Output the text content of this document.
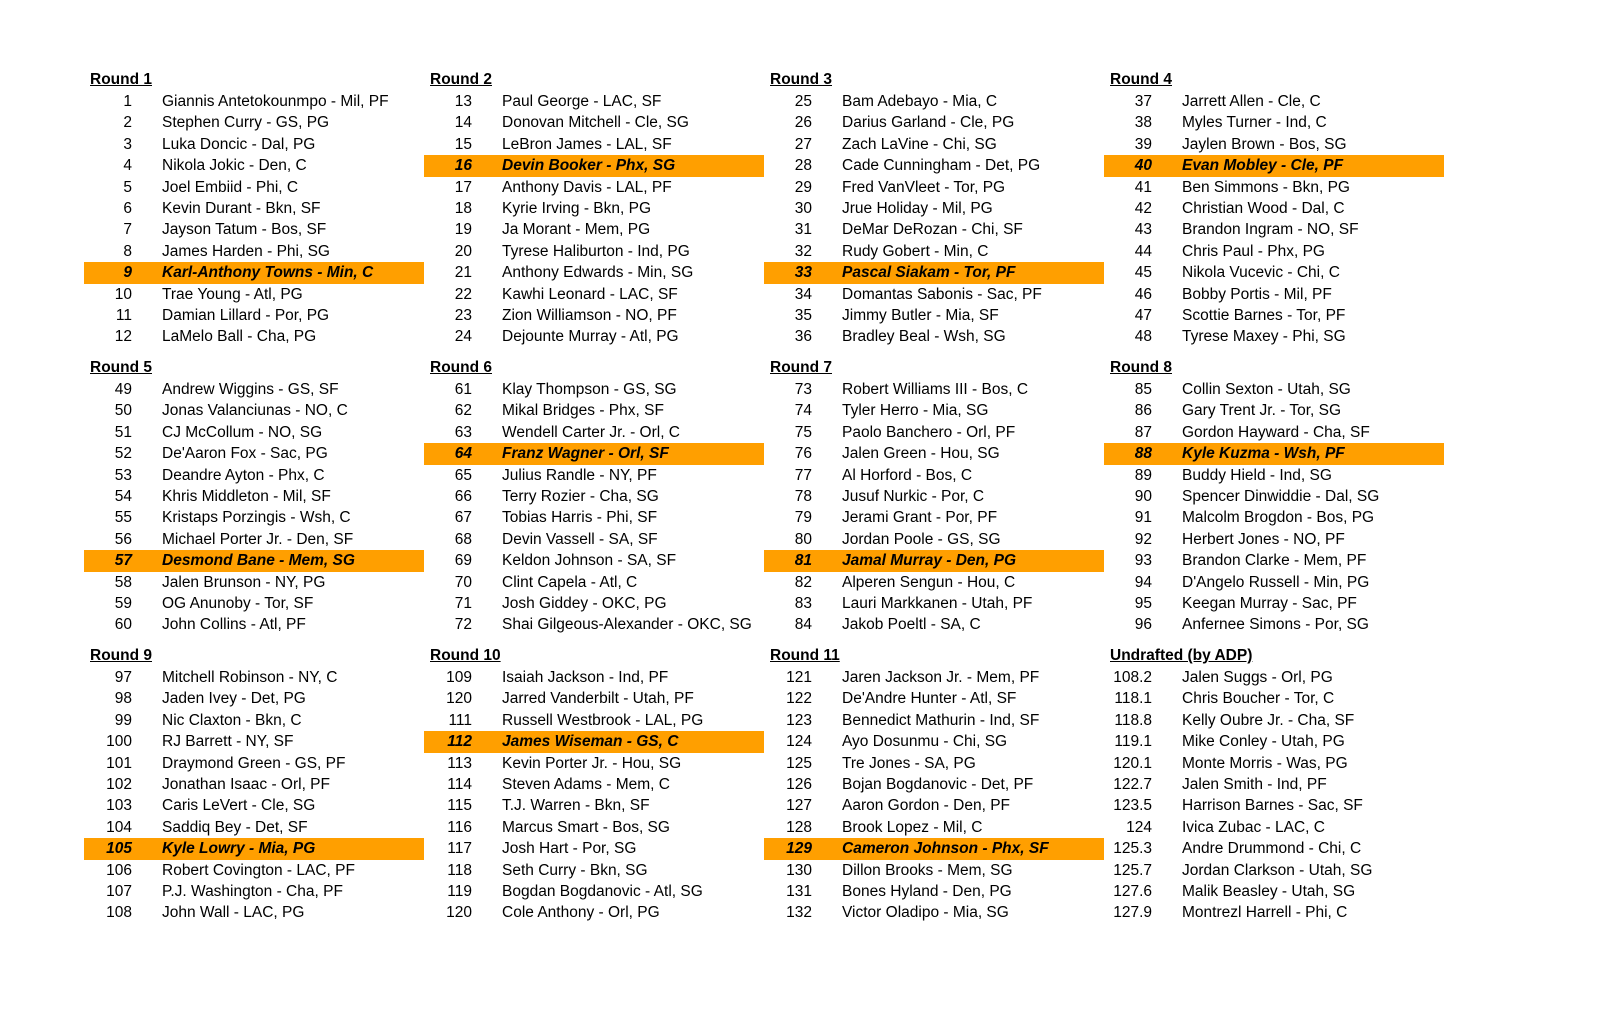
Round 1
1	Giannis Antetokounmpo - Mil, PF
2	Stephen Curry - GS, PG
3	Luka Doncic - Dal, PG
4	Nikola Jokic - Den, C
5	Joel Embiid - Phi, C
6	Kevin Durant - Bkn, SF
7	Jayson Tatum - Bos, SF
8	James Harden - Phi, SG
9	Karl-Anthony Towns - Min, C
10	Trae Young - Atl, PG
11	Damian Lillard - Por, PG
12	LaMelo Ball - Cha, PG
Round 2
13	Paul George - LAC, SF
14	Donovan Mitchell - Cle, SG
15	LeBron James - LAL, SF
16	Devin Booker - Phx, SG
17	Anthony Davis - LAL, PF
18	Kyrie Irving - Bkn, PG
19	Ja Morant - Mem, PG
20	Tyrese Haliburton - Ind, PG
21	Anthony Edwards - Min, SG
22	Kawhi Leonard - LAC, SF
23	Zion Williamson - NO, PF
24	Dejounte Murray - Atl, PG
Round 3
25	Bam Adebayo - Mia, C
26	Darius Garland - Cle, PG
27	Zach LaVine - Chi, SG
28	Cade Cunningham - Det, PG
29	Fred VanVleet - Tor, PG
30	Jrue Holiday - Mil, PG
31	DeMar DeRozan - Chi, SF
32	Rudy Gobert - Min, C
33	Pascal Siakam - Tor, PF
34	Domantas Sabonis - Sac, PF
35	Jimmy Butler - Mia, SF
36	Bradley Beal - Wsh, SG
Round 4
37	Jarrett Allen - Cle, C
38	Myles Turner - Ind, C
39	Jaylen Brown - Bos, SG
40	Evan Mobley - Cle, PF
41	Ben Simmons - Bkn, PG
42	Christian Wood - Dal, C
43	Brandon Ingram - NO, SF
44	Chris Paul - Phx, PG
45	Nikola Vucevic - Chi, C
46	Bobby Portis - Mil, PF
47	Scottie Barnes - Tor, PF
48	Tyrese Maxey - Phi, SG
Round 5
49	Andrew Wiggins - GS, SF
50	Jonas Valanciunas - NO, C
51	CJ McCollum - NO, SG
52	De'Aaron Fox - Sac, PG
53	Deandre Ayton - Phx, C
54	Khris Middleton - Mil, SF
55	Kristaps Porzingis - Wsh, C
56	Michael Porter Jr. - Den, SF
57	Desmond Bane - Mem, SG
58	Jalen Brunson - NY, PG
59	OG Anunoby - Tor, SF
60	John Collins - Atl, PF
Round 6
61	Klay Thompson - GS, SG
62	Mikal Bridges - Phx, SF
63	Wendell Carter Jr. - Orl, C
64	Franz Wagner - Orl, SF
65	Julius Randle - NY, PF
66	Terry Rozier - Cha, SG
67	Tobias Harris - Phi, SF
68	Devin Vassell - SA, SF
69	Keldon Johnson - SA, SF
70	Clint Capela - Atl, C
71	Josh Giddey - OKC, PG
72	Shai Gilgeous-Alexander - OKC, SG
Round 7
73	Robert Williams III - Bos, C
74	Tyler Herro - Mia, SG
75	Paolo Banchero - Orl, PF
76	Jalen Green - Hou, SG
77	Al Horford - Bos, C
78	Jusuf Nurkic - Por, C
79	Jerami Grant - Por, PF
80	Jordan Poole - GS, SG
81	Jamal Murray - Den, PG
82	Alperen Sengun - Hou, C
83	Lauri Markkanen - Utah, PF
84	Jakob Poeltl - SA, C
Round 8
85	Collin Sexton - Utah, SG
86	Gary Trent Jr. - Tor, SG
87	Gordon Hayward - Cha, SF
88	Kyle Kuzma - Wsh, PF
89	Buddy Hield - Ind, SG
90	Spencer Dinwiddie - Dal, SG
91	Malcolm Brogdon - Bos, PG
92	Herbert Jones - NO, PF
93	Brandon Clarke - Mem, PF
94	D'Angelo Russell - Min, PG
95	Keegan Murray - Sac, PF
96	Anfernee Simons - Por, SG
Round 9
97	Mitchell Robinson - NY, C
98	Jaden Ivey - Det, PG
99	Nic Claxton - Bkn, C
100	RJ Barrett - NY, SF
101	Draymond Green - GS, PF
102	Jonathan Isaac - Orl, PF
103	Caris LeVert - Cle, SG
104	Saddiq Bey - Det, SF
105	Kyle Lowry - Mia, PG
106	Robert Covington - LAC, PF
107	P.J. Washington - Cha, PF
108	John Wall - LAC, PG
Round 10
109	Isaiah Jackson - Ind, PF
120	Jarred Vanderbilt - Utah, PF
111	Russell Westbrook - LAL, PG
112	James Wiseman - GS, C
113	Kevin Porter Jr. - Hou, SG
114	Steven Adams - Mem, C
115	T.J. Warren - Bkn, SF
116	Marcus Smart - Bos, SG
117	Josh Hart - Por, SG
118	Seth Curry - Bkn, SG
119	Bogdan Bogdanovic - Atl, SG
120	Cole Anthony - Orl, PG
Round 11
121	Jaren Jackson Jr. - Mem, PF
122	De'Andre Hunter - Atl, SF
123	Bennedict Mathurin - Ind, SF
124	Ayo Dosunmu - Chi, SG
125	Tre Jones - SA, PG
126	Bojan Bogdanovic - Det, PF
127	Aaron Gordon - Den, PF
128	Brook Lopez - Mil, C
129	Cameron Johnson - Phx, SF
130	Dillon Brooks - Mem, SG
131	Bones Hyland - Den, PG
132	Victor Oladipo - Mia, SG
Undrafted (by ADP)
108.2	Jalen Suggs - Orl, PG
118.1	Chris Boucher - Tor, C
118.8	Kelly Oubre Jr. - Cha, SF
119.1	Mike Conley - Utah, PG
120.1	Monte Morris - Was, PG
122.7	Jalen Smith - Ind, PF
123.5	Harrison Barnes - Sac, SF
124	Ivica Zubac - LAC, C
125.3	Andre Drummond - Chi, C
125.7	Jordan Clarkson - Utah, SG
127.6	Malik Beasley - Utah, SG
127.9	Montrezl Harrell - Phi, C
